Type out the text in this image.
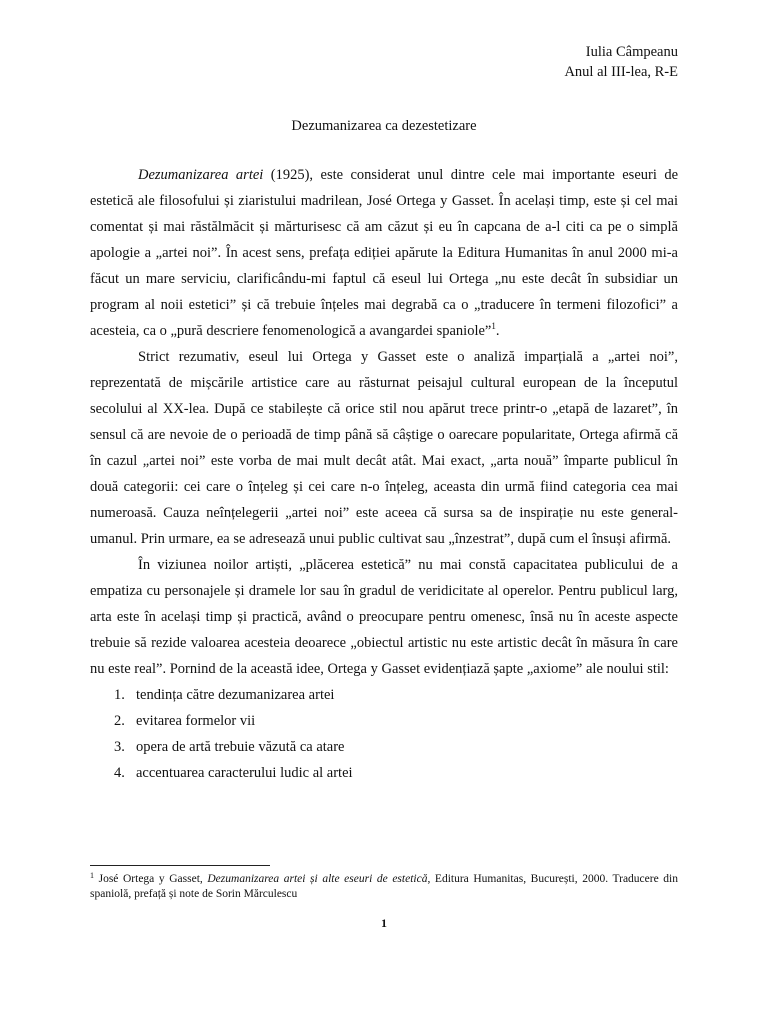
Iulia Câmpeanu
Anul al III-lea, R-E
Dezumanizarea ca dezestetizare

Dezumanizarea artei (1925), este considerat unul dintre cele mai importante eseuri de estetică ale filosofului și ziaristului madrilean, José Ortega y Gasset. În același timp, este și cel mai comentat și mai răstălmăcit și mărturisesc că am căzut și eu în capcana de a-l citi ca pe o simplă apologie a „artei noi”. În acest sens, prefața ediției apărute la Editura Humanitas în anul 2000 mi-a făcut un mare serviciu, clarificându-mi faptul că eseul lui Ortega „nu este decât în subsidiar un program al noii estetici” și că trebuie înțeles mai degrabă ca o „traducere în termeni filozofici” a acesteia, ca o „pură descriere fenomenologică a avangardei spaniole”$^1$.

Strict rezumativ, eseul lui Ortega y Gasset este o analiză imparțială a „artei noi”, reprezentată de mișcările artistice care au răsturnat peisajul cultural european de la începutul secolului al XX-lea. După ce stabilește că orice stil nou apărut trece printr-o „etapă de lazaret”, în sensul că are nevoie de o perioadă de timp până să câștige o oarecare popularitate, Ortega afirmă că în cazul „artei noi” este vorba de mai mult decât atât. Mai exact, „arta nouă” împarte publicul în două categorii: cei care o înțeleg și cei care n-o înțeleg, aceasta din urmă fiind categoria cea mai numeroasă. Cauza neînțelegerii „artei noi” este aceea că sursa sa de inspirație nu este general-umanul. Prin urmare, ea se adresează unui public cultivat sau „înzestrat”, după cum el însuși afirmă.

În viziunea noilor artiști, „plăcerea estetică” nu mai constă capacitatea publicului de a empatiza cu personajele și dramele lor sau în gradul de veridicitate al operelor. Pentru publicul larg, arta este în același timp și practică, având o preocupare pentru omenesc, însă nu în aceste aspecte trebuie să rezide valoarea acesteia deoarece „obiectul artistic nu este artistic decât în măsura în care nu este real”. Pornind de la această idee, Ortega y Gasset evidențiază șapte „axiome” ale noului stil:

1. tendința către dezumanizarea artei
2. evitarea formelor vii
3. opera de artă trebuie văzută ca atare
4. accentuarea caracterului ludic al artei
$^1$ José Ortega y Gasset, Dezumanizarea artei și alte eseuri de estetică, Editura Humanitas, București, 2000. Traducere din spaniolă, prefață și note de Sorin Mărculescu
1
